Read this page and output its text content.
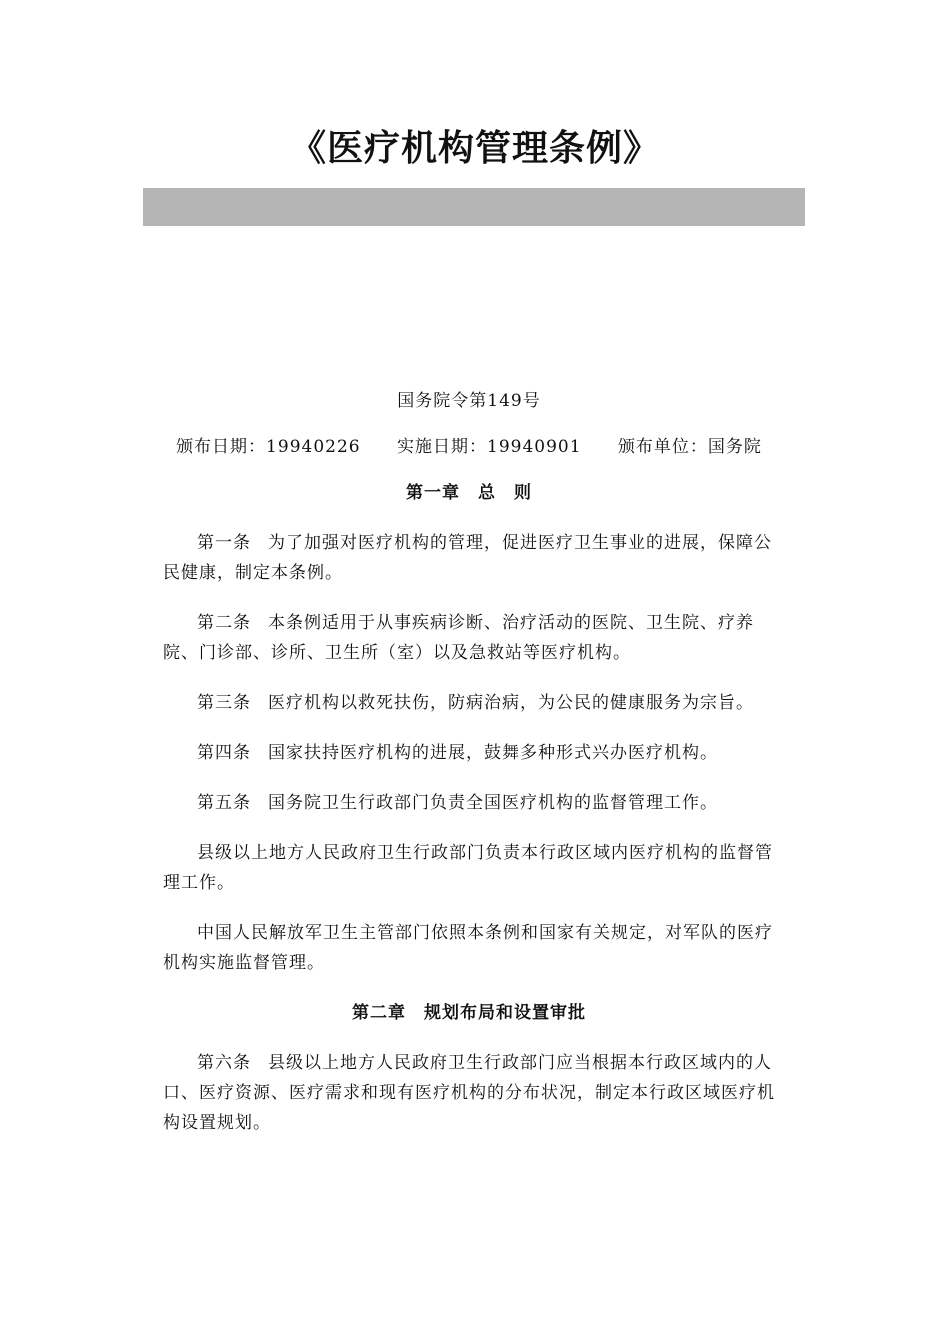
《医疗机构管理条例》
国务院令第149号
颁布日期：19940226 实施日期：19940901 颁布单位：国务院
第一章　总　则

第一条 为了加强对医疗机构的管理，促进医疗卫生事业的进展，保障公民健康，制定本条例。

第二条 本条例适用于从事疾病诊断、治疗活动的医院、卫生院、疗养院、门诊部、诊所、卫生所（室）以及急救站等医疗机构。

第三条 医疗机构以救死扶伤，防病治病，为公民的健康服务为宗旨。

第四条 国家扶持医疗机构的进展，鼓舞多种形式兴办医疗机构。

第五条 国务院卫生行政部门负责全国医疗机构的监督管理工作。

县级以上地方人民政府卫生行政部门负责本行政区域内医疗机构的监督管理工作。

中国人民解放军卫生主管部门依照本条例和国家有关规定，对军队的医疗机构实施监督管理。

第二章　规划布局和设置审批

第六条 县级以上地方人民政府卫生行政部门应当根据本行政区域内的人口、医疗资源、医疗需求和现有医疗机构的分布状况，制定本行政区域医疗机构设置规划。
